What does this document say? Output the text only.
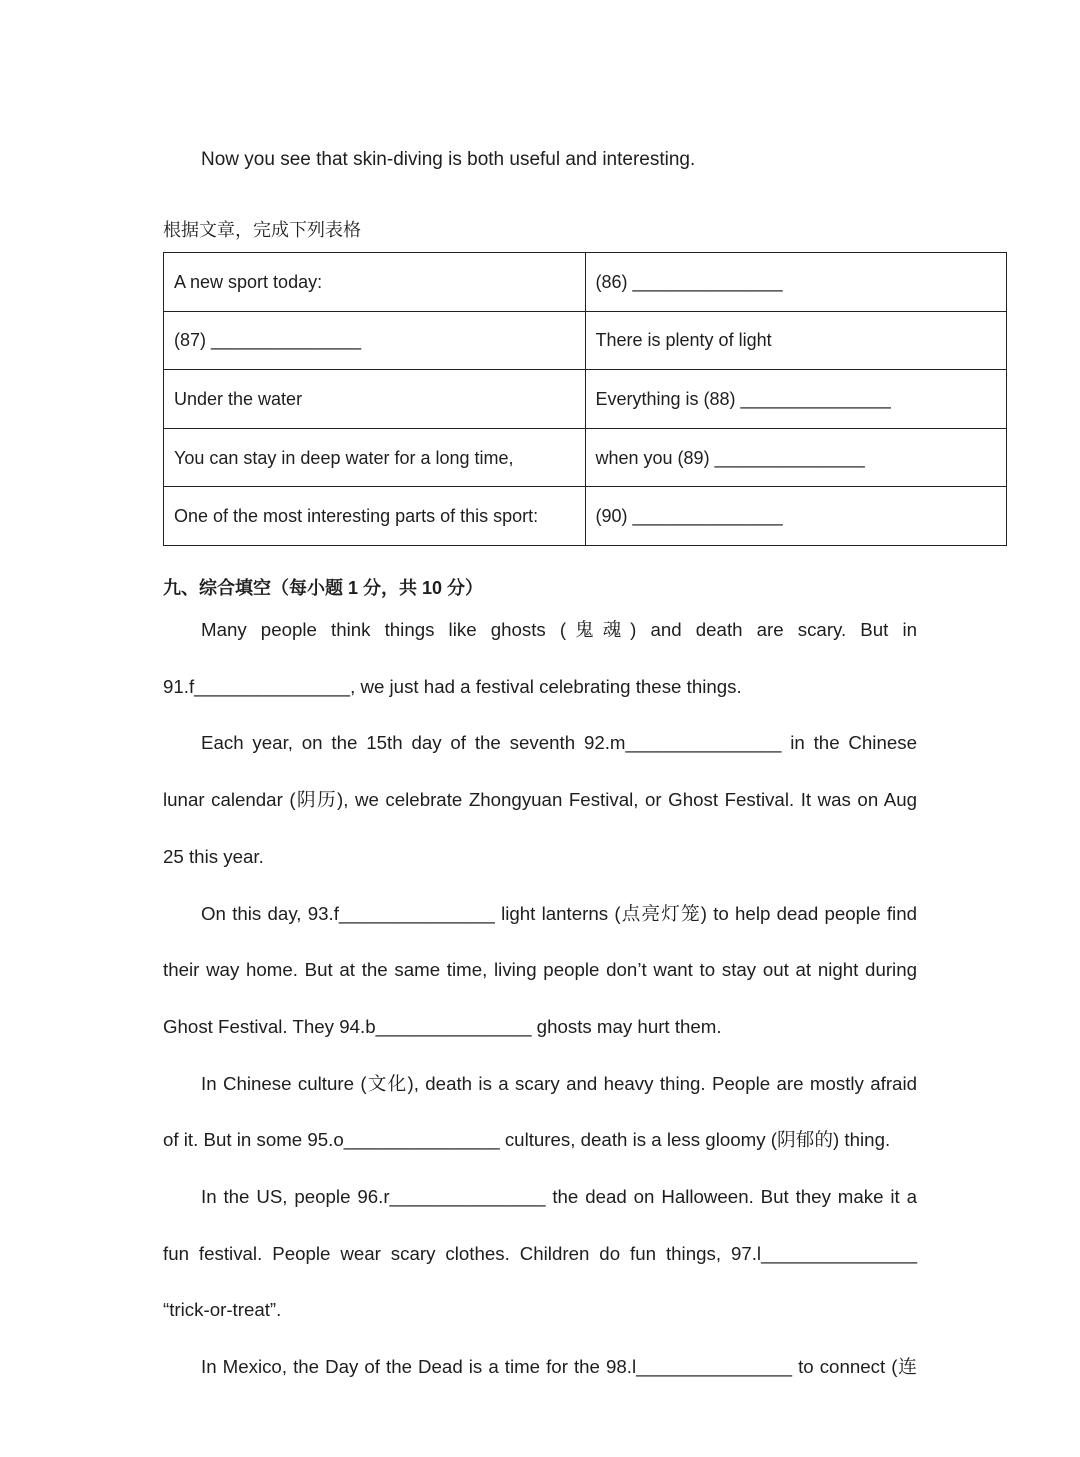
Now you see that skin-diving is both useful and interesting.

根据文章，完成下列表格

A new sport today:	(86) _______________
(87) _______________	There is plenty of light
Under the water	Everything is (88) _______________
You can stay in deep water for a long time,	when you (89) _______________
One of the most interesting parts of this sport:	(90) _______________
九、综合填空（每小题 1 分，共 10 分）
Many people think things like ghosts (鬼魂) and death are scary. But in
91.f_______________, we just had a festival celebrating these things.
Each year, on the 15th day of the seventh 92.m_______________ in the Chinese
lunar calendar (阴历), we celebrate Zhongyuan Festival, or Ghost Festival. It was on Aug
25 this year.
On this day, 93.f_______________ light lanterns (点亮灯笼) to help dead people find
their way home. But at the same time, living people don’t want to stay out at night during
Ghost Festival. They 94.b_______________ ghosts may hurt them.
In Chinese culture (文化), death is a scary and heavy thing. People are mostly afraid
of it. But in some 95.o_______________ cultures, death is a less gloomy (阴郁的) thing.
In the US, people 96.r_______________ the dead on Halloween. But they make it a
fun festival. People wear scary clothes. Children do fun things, 97.l_______________
“trick-or-treat”.
In Mexico, the Day of the Dead is a time for the 98.l_______________ to connect (连
